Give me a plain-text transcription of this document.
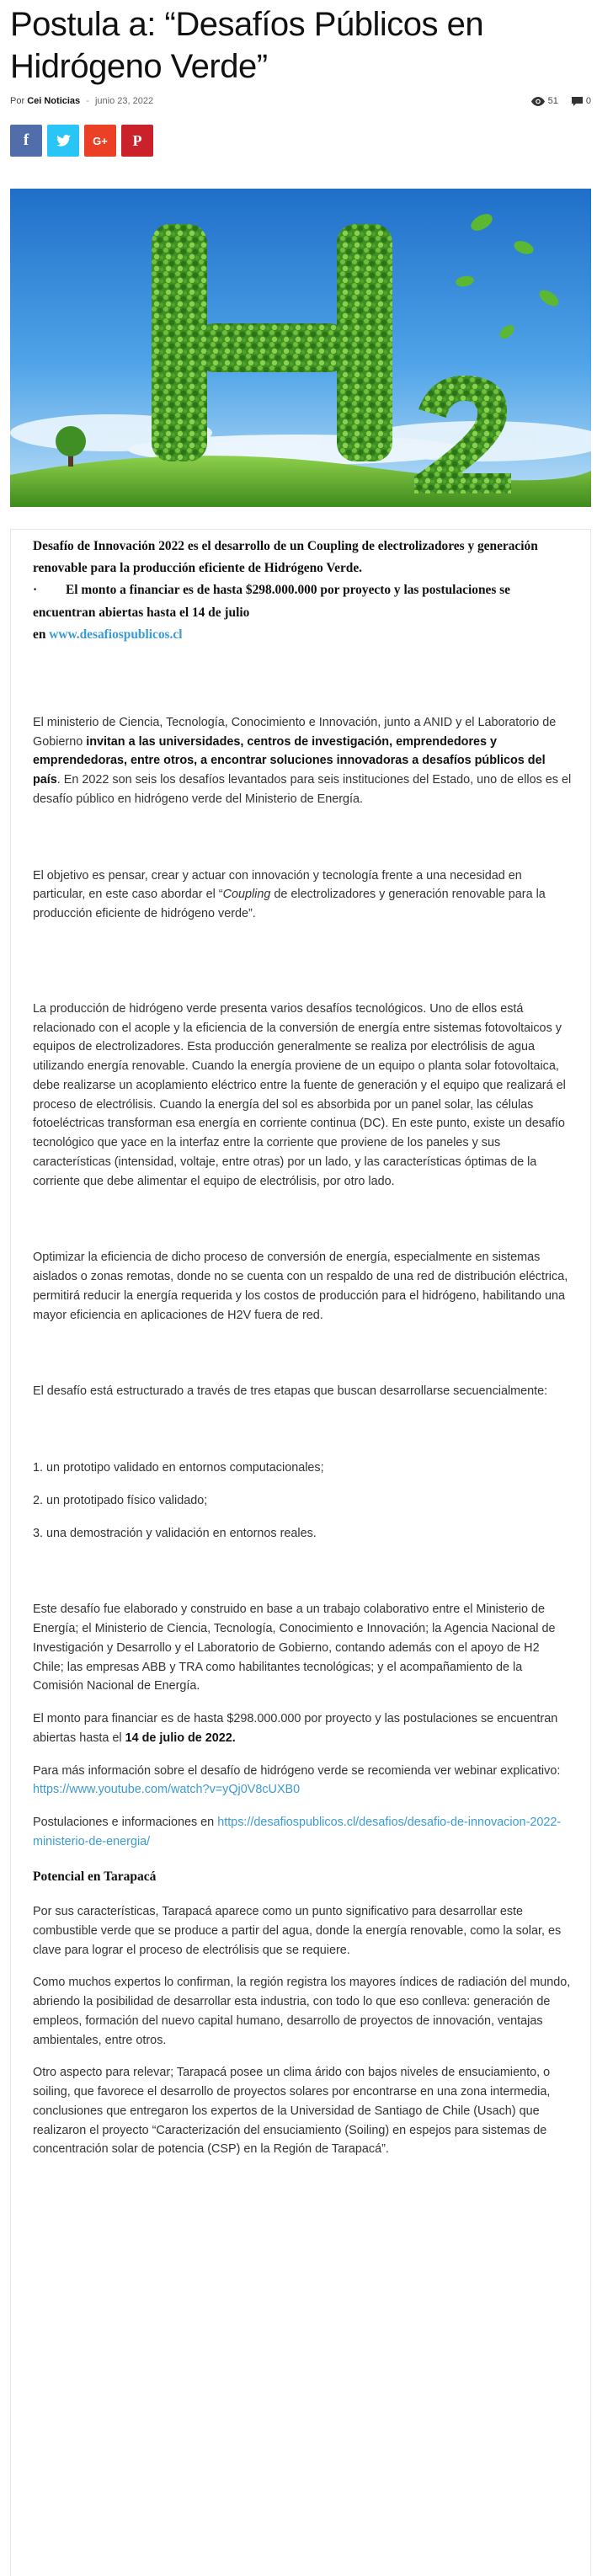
Postula a: “Desafíos Públicos en Hidrógeno Verde”
Por Cei Noticias - junio 23, 2022	51	0
f	G+ P

Desafío de Innovación 2022 es el desarrollo de un Coupling de electrolizadores y generación renovable para la producción eficiente de Hidrógeno Verde.

· El monto a financiar es de hasta $298.000.000 por proyecto y las postulaciones se encuentran abiertas hasta el 14 de julio

en www.desafiospublicos.cl

El ministerio de Ciencia, Tecnología, Conocimiento e Innovación, junto a ANID y el Laboratorio de Gobierno invitan a las universidades, centros de investigación, emprendedores y emprendedoras, entre otros, a encontrar soluciones innovadoras a desafíos públicos del país. En 2022 son seis los desafíos levantados para seis instituciones del Estado, uno de ellos es el desafío público en hidrógeno verde del Ministerio de Energía.

El objetivo es pensar, crear y actuar con innovación y tecnología frente a una necesidad en particular, en este caso abordar el “Coupling de electrolizadores y generación renovable para la producción eficiente de hidrógeno verde”.

La producción de hidrógeno verde presenta varios desafíos tecnológicos. Uno de ellos está relacionado con el acople y la eficiencia de la conversión de energía entre sistemas fotovoltaicos y equipos de electrolizadores. Esta producción generalmente se realiza por electrólisis de agua utilizando energía renovable. Cuando la energía proviene de un equipo o planta solar fotovoltaica, debe realizarse un acoplamiento eléctrico entre la fuente de generación y el equipo que realizará el proceso de electrólisis. Cuando la energía del sol es absorbida por un panel solar, las células fotoeléctricas transforman esa energía en corriente continua (DC). En este punto, existe un desafío tecnológico que yace en la interfaz entre la corriente que proviene de los paneles y sus características (intensidad, voltaje, entre otras) por un lado, y las características óptimas de la corriente que debe alimentar el equipo de electrólisis, por otro lado.

Optimizar la eficiencia de dicho proceso de conversión de energía, especialmente en sistemas aislados o zonas remotas, donde no se cuenta con un respaldo de una red de distribución eléctrica, permitirá reducir la energía requerida y los costos de producción para el hidrógeno, habilitando una mayor eficiencia en aplicaciones de H2V fuera de red.

El desafío está estructurado a través de tres etapas que buscan desarrollarse secuencialmente:

1. un prototipo validado en entornos computacionales;

2. un prototipado físico validado;

3. una demostración y validación en entornos reales.

Este desafío fue elaborado y construido en base a un trabajo colaborativo entre el Ministerio de Energía; el Ministerio de Ciencia, Tecnología, Conocimiento e Innovación; la Agencia Nacional de Investigación y Desarrollo y el Laboratorio de Gobierno, contando además con el apoyo de H2 Chile; las empresas ABB y TRA como habilitantes tecnológicas; y el acompañamiento de la Comisión Nacional de Energía.

El monto para financiar es de hasta $298.000.000 por proyecto y las postulaciones se encuentran abiertas hasta el 14 de julio de 2022.

Para más información sobre el desafío de hidrógeno verde se recomienda ver webinar explicativo: https://www.youtube.com/watch?v=yQj0V8cUXB0

Postulaciones e informaciones en https://desafiospublicos.cl/desafios/desafio-de-innovacion-2022-ministerio-de-energia/

Potencial en Tarapacá

Por sus características, Tarapacá aparece como un punto significativo para desarrollar este combustible verde que se produce a partir del agua, donde la energía renovable, como la solar, es clave para lograr el proceso de electrólisis que se requiere.

Como muchos expertos lo confirman, la región registra los mayores índices de radiación del mundo, abriendo la posibilidad de desarrollar esta industria, con todo lo que eso conlleva: generación de empleos, formación del nuevo capital humano, desarrollo de proyectos de innovación, ventajas ambientales, entre otros.

Otro aspecto para relevar; Tarapacá posee un clima árido con bajos niveles de ensuciamiento, o soiling, que favorece el desarrollo de proyectos solares por encontrarse en una zona intermedia, conclusiones que entregaron los expertos de la Universidad de Santiago de Chile (Usach) que realizaron el proyecto “Caracterización del ensuciamiento (Soiling) en espejos para sistemas de concentración solar de potencia (CSP) en la Región de Tarapacá”.
